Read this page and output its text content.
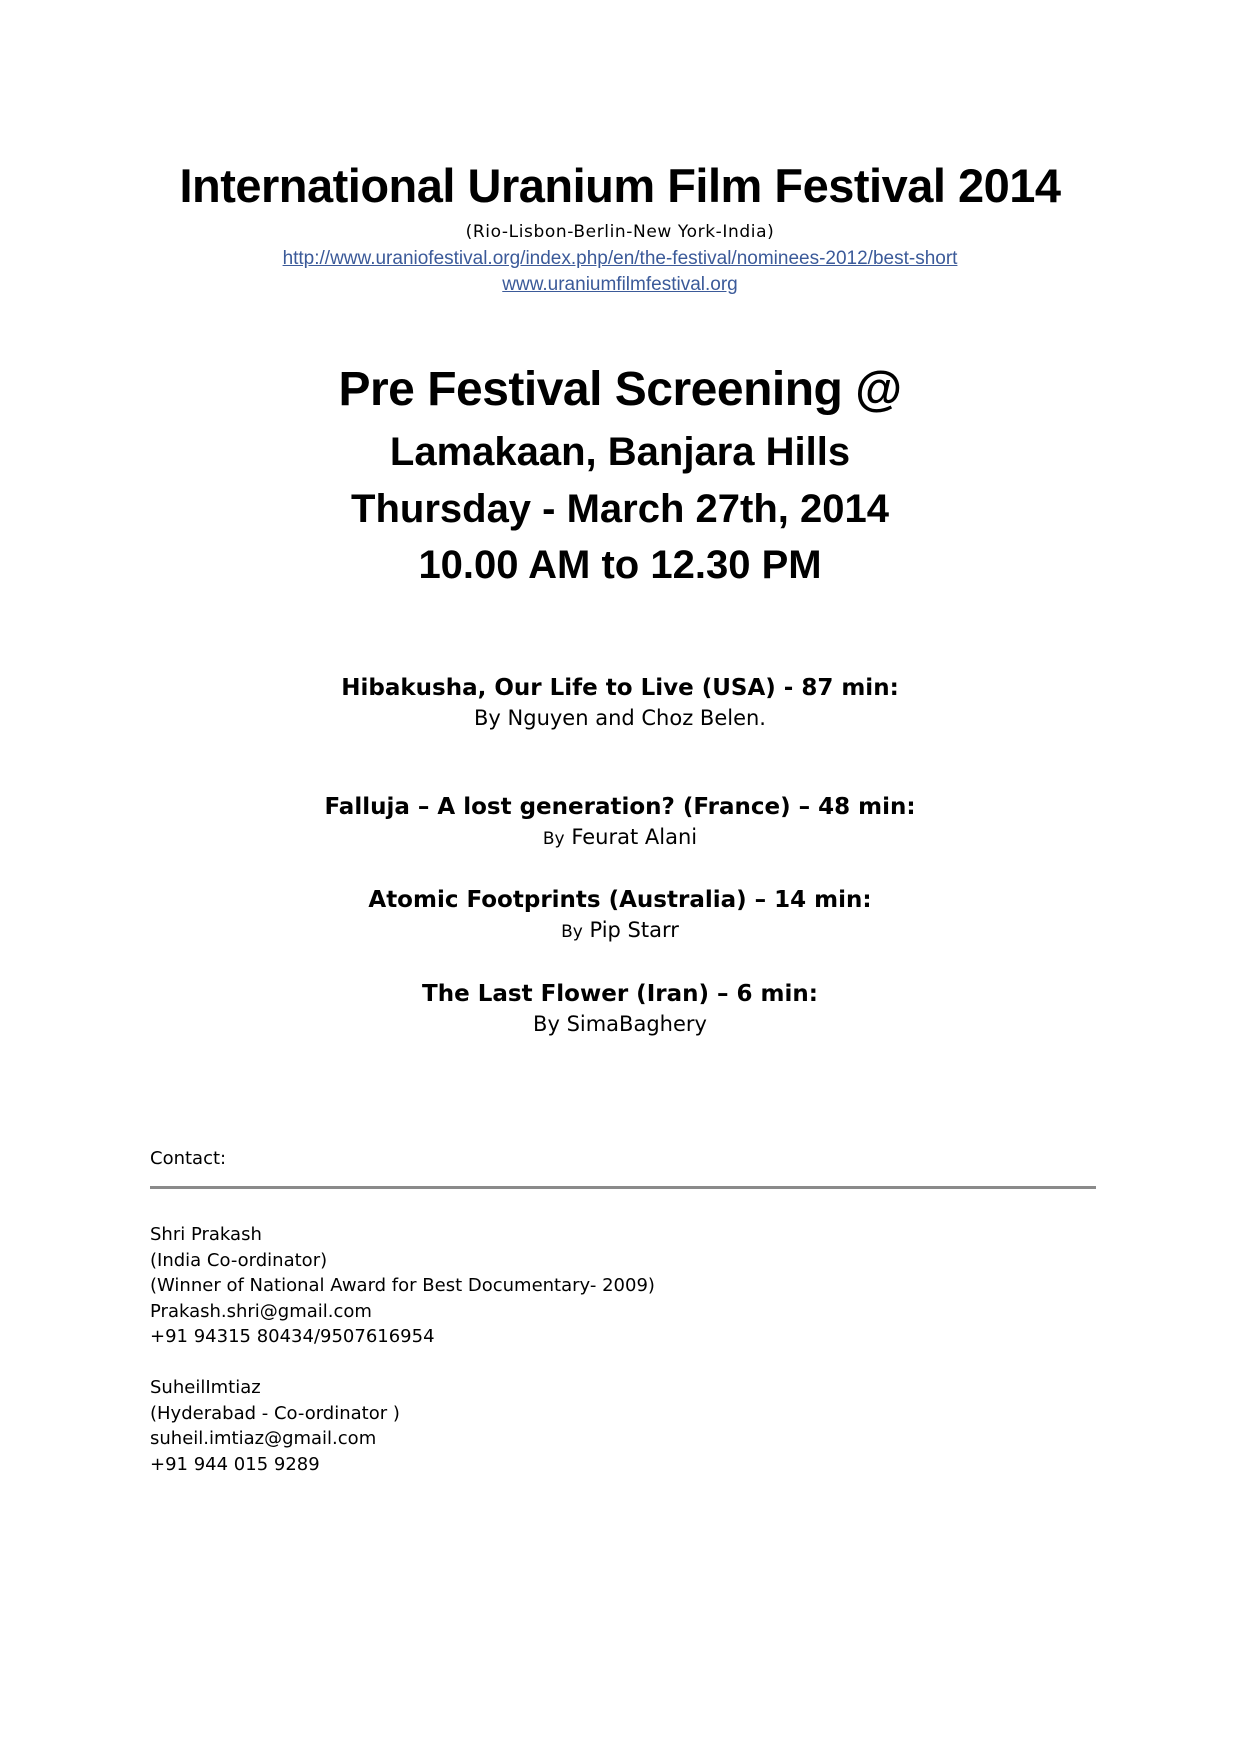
International Uranium Film Festival 2014
(Rio-Lisbon-Berlin-New York-India)
http://www.uraniofestival.org/index.php/en/the-festival/nominees-2012/best-short
www.uraniumfilmfestival.org
Pre Festival Screening @
Lamakaan, Banjara Hills
Thursday - March 27th, 2014
10.00 AM to 12.30 PM
Hibakusha, Our Life to Live (USA) - 87 min:
By Nguyen and Choz Belen.
Falluja – A lost generation? (France) – 48 min:
By Feurat Alani
Atomic Footprints (Australia) – 14 min:
By Pip Starr
The Last Flower (Iran) – 6 min:
By SimaBaghery
Contact:
Shri Prakash
(India Co-ordinator)
(Winner of National Award for Best Documentary- 2009)
Prakash.shri@gmail.com
+91 94315 80434/9507616954
SuheilImtiaz
(Hyderabad - Co-ordinator )
suheil.imtiaz@gmail.com
+91 944 015 9289
